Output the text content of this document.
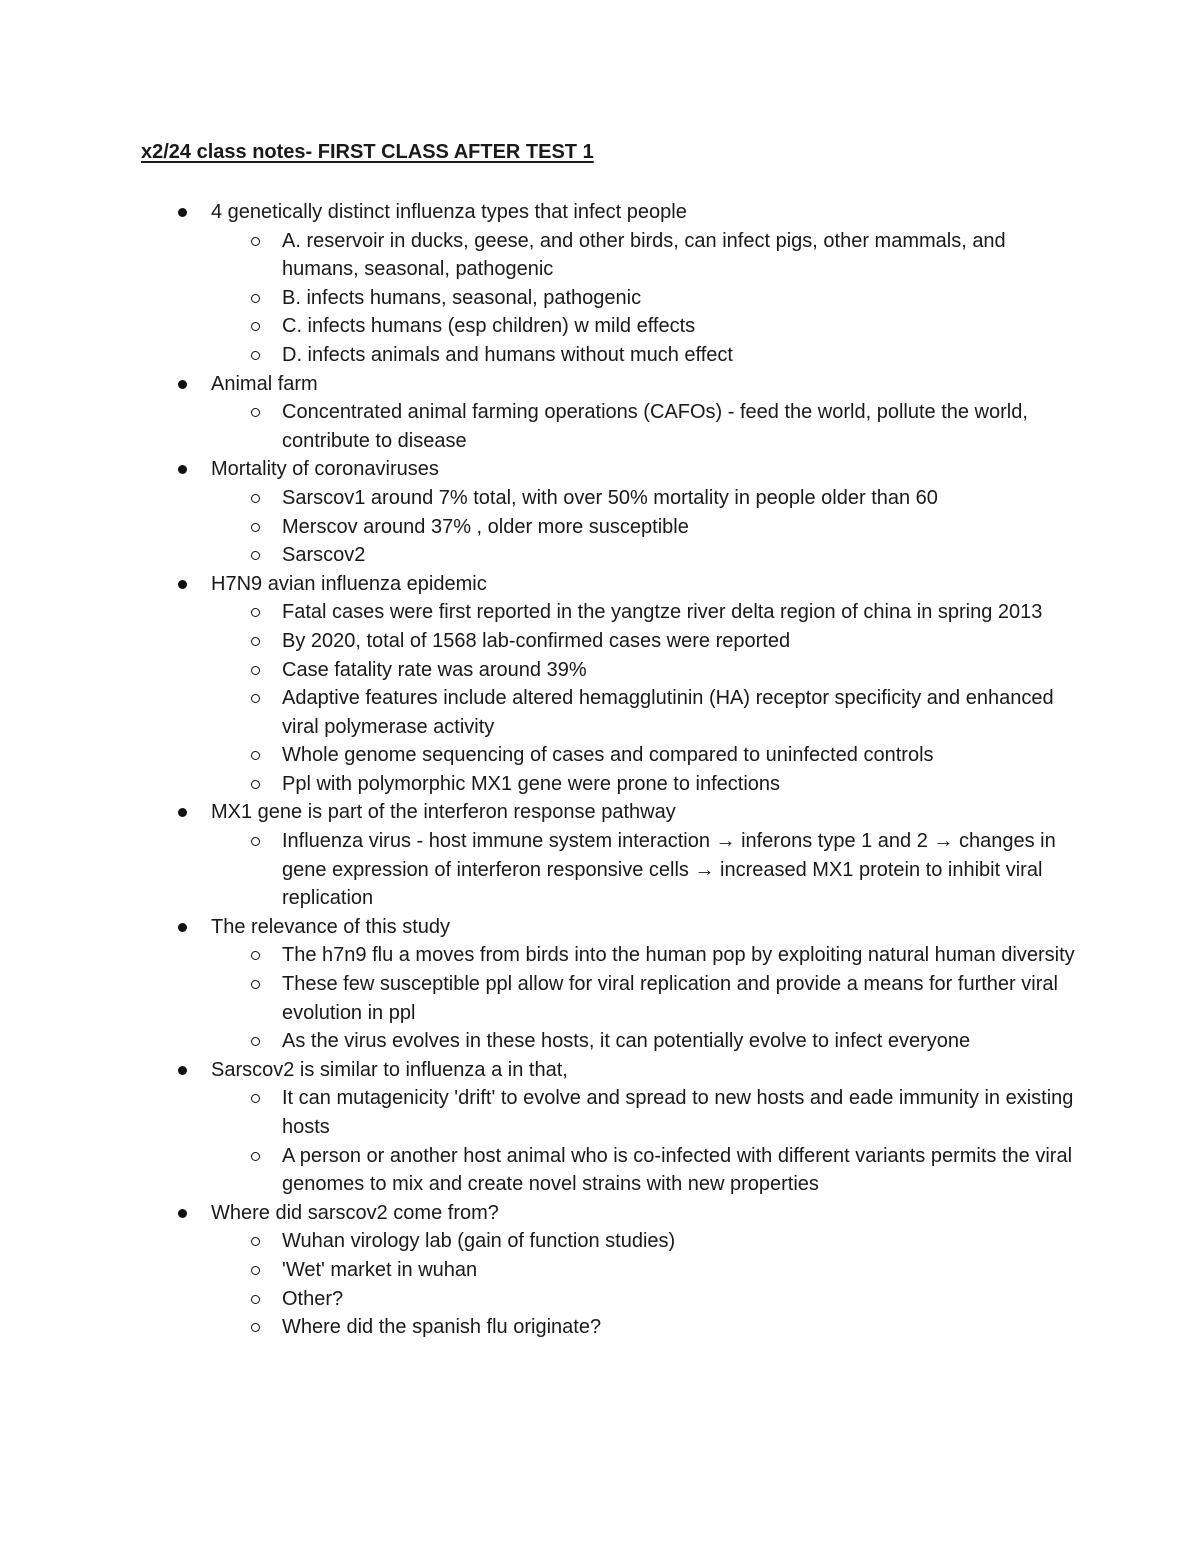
x2/24 class notes- FIRST CLASS AFTER TEST 1
4 genetically distinct influenza types that infect people
A. reservoir in ducks, geese, and other birds, can infect pigs, other mammals, and humans, seasonal, pathogenic
B. infects humans, seasonal, pathogenic
C. infects humans (esp children) w mild effects
D. infects animals and humans without much effect
Animal farm
Concentrated animal farming operations (CAFOs) - feed the world, pollute the world, contribute to disease
Mortality of coronaviruses
Sarscov1 around 7% total, with over 50% mortality in people older than 60
Merscov around 37% , older more susceptible
Sarscov2
H7N9 avian influenza epidemic
Fatal cases were first reported in the yangtze river delta region of china in spring 2013
By 2020, total of 1568 lab-confirmed cases were reported
Case fatality rate was around 39%
Adaptive features include altered hemagglutinin (HA) receptor specificity and enhanced viral polymerase activity
Whole genome sequencing of cases and compared to uninfected controls
Ppl with polymorphic MX1 gene were prone to infections
MX1 gene is part of the interferon response pathway
Influenza virus - host immune system interaction → inferons type 1 and 2 → changes in gene expression of interferon responsive cells → increased MX1 protein to inhibit viral replication
The relevance of this study
The h7n9 flu a moves from birds into the human pop by exploiting natural human diversity
These few susceptible ppl allow for viral replication and provide a means for further viral evolution in ppl
As the virus evolves in these hosts, it can potentially evolve to infect everyone
Sarscov2 is similar to influenza a in that,
It can mutagenicity 'drift' to evolve and spread to new hosts and eade immunity in existing hosts
A person or another host animal who is co-infected with different variants permits the viral genomes to mix and create novel strains with new properties
Where did sarscov2 come from?
Wuhan virology lab (gain of function studies)
'Wet' market in wuhan
Other?
Where did the spanish flu originate?
